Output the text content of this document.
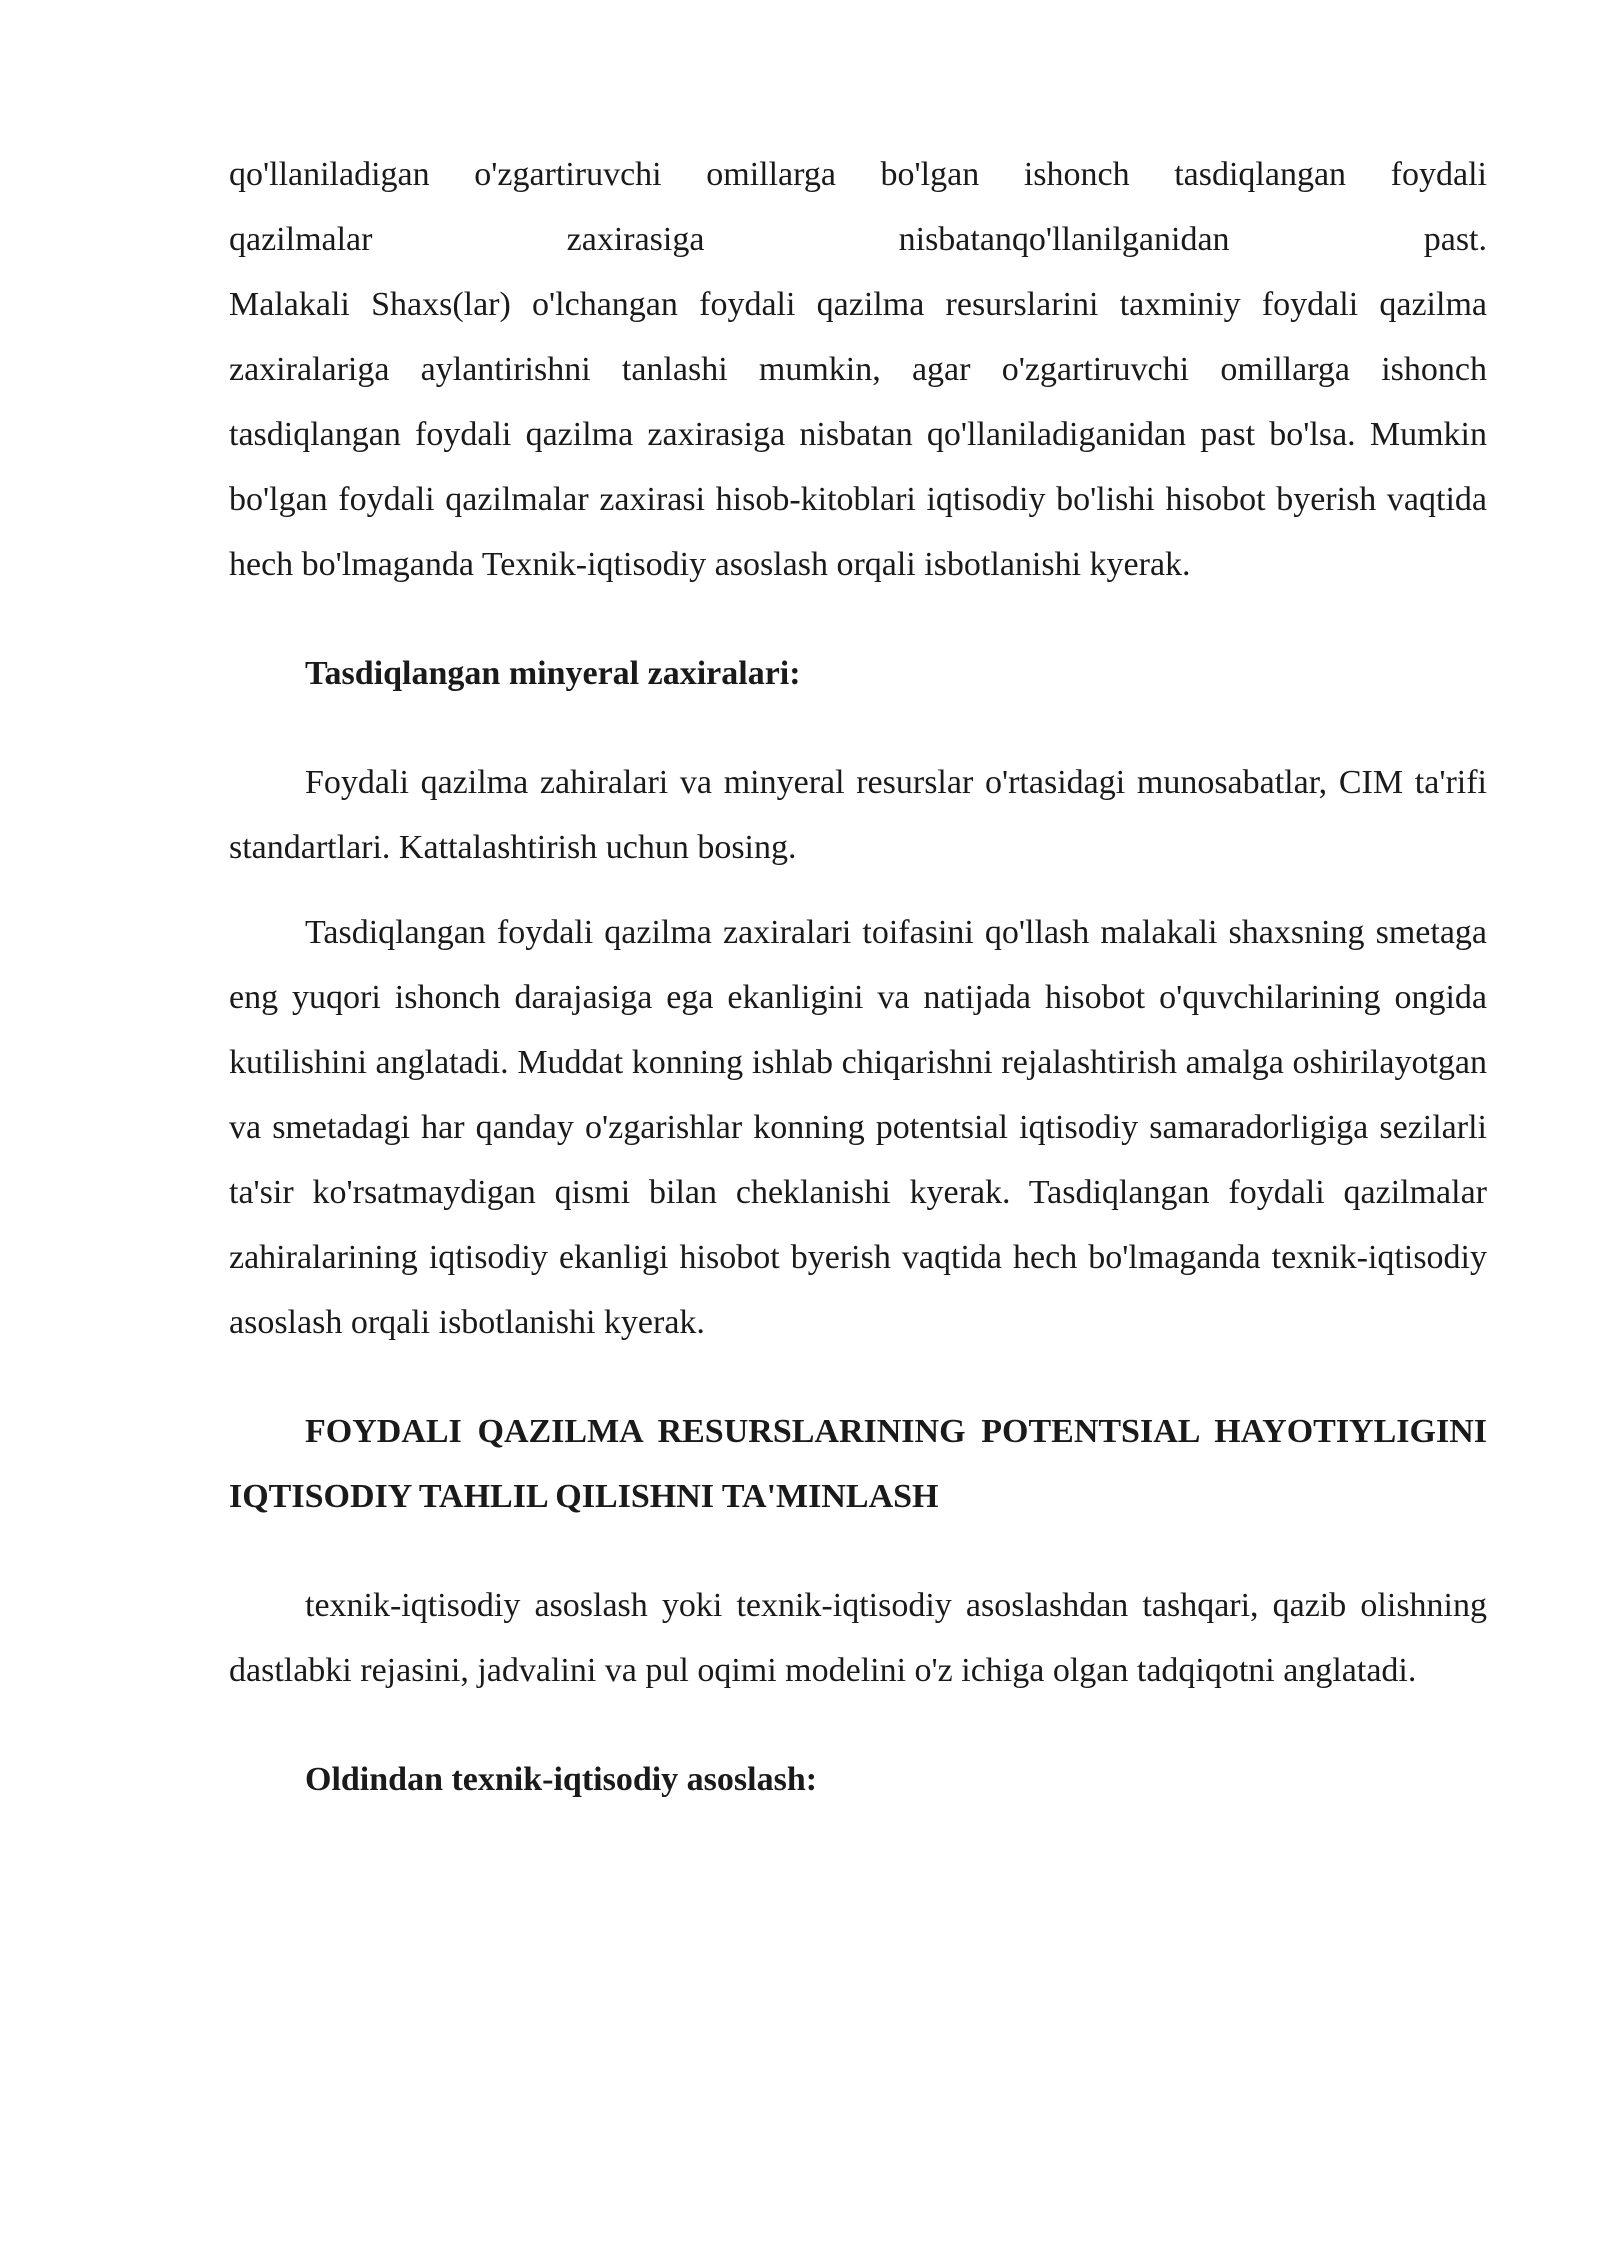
qo'llaniladigan o'zgartiruvchi omillarga bo'lgan ishonch tasdiqlangan foydali

qazilmalar zaxirasiga nisbatanqo'llanilganidan past.

Malakali Shaxs(lar) o'lchangan foydali qazilma resurslarini taxminiy foydali qazilma zaxiralariga aylantirishni tanlashi mumkin, agar o'zgartiruvchi omillarga ishonch tasdiqlangan foydali qazilma zaxirasiga nisbatan qo'llaniladiganidan past bo'lsa. Mumkin bo'lgan foydali qazilmalar zaxirasi hisob-kitoblari iqtisodiy bo'lishi hisobot byerish vaqtida hech bo'lmaganda Texnik-iqtisodiy asoslash orqali isbotlanishi kyerak.

Tasdiqlangan minyeral zaxiralari:

Foydali qazilma zahiralari va minyeral resurslar o'rtasidagi munosabatlar, CIM ta'rifi standartlari. Kattalashtirish uchun bosing.

Tasdiqlangan foydali qazilma zaxiralari toifasini qo'llash malakali shaxsning smetaga eng yuqori ishonch darajasiga ega ekanligini va natijada hisobot o'quvchilarining ongida kutilishini anglatadi. Muddat konning ishlab chiqarishni rejalashtirish amalga oshirilayotgan va smetadagi har qanday o'zgarishlar konning potentsial iqtisodiy samaradorligiga sezilarli ta'sir ko'rsatmaydigan qismi bilan cheklanishi kyerak. Tasdiqlangan foydali qazilmalar zahiralarining iqtisodiy ekanligi hisobot byerish vaqtida hech bo'lmaganda texnik-iqtisodiy asoslash orqali isbotlanishi kyerak.

FOYDALI QAZILMA RESURSLARINING POTENTSIAL HAYOTIYLIGINI IQTISODIY TAHLIL QILISHNI TA'MINLASH

texnik-iqtisodiy asoslash yoki texnik-iqtisodiy asoslashdan tashqari, qazib olishning dastlabki rejasini, jadvalini va pul oqimi modelini o'z ichiga olgan tadqiqotni anglatadi.

Oldindan texnik-iqtisodiy asoslash:
